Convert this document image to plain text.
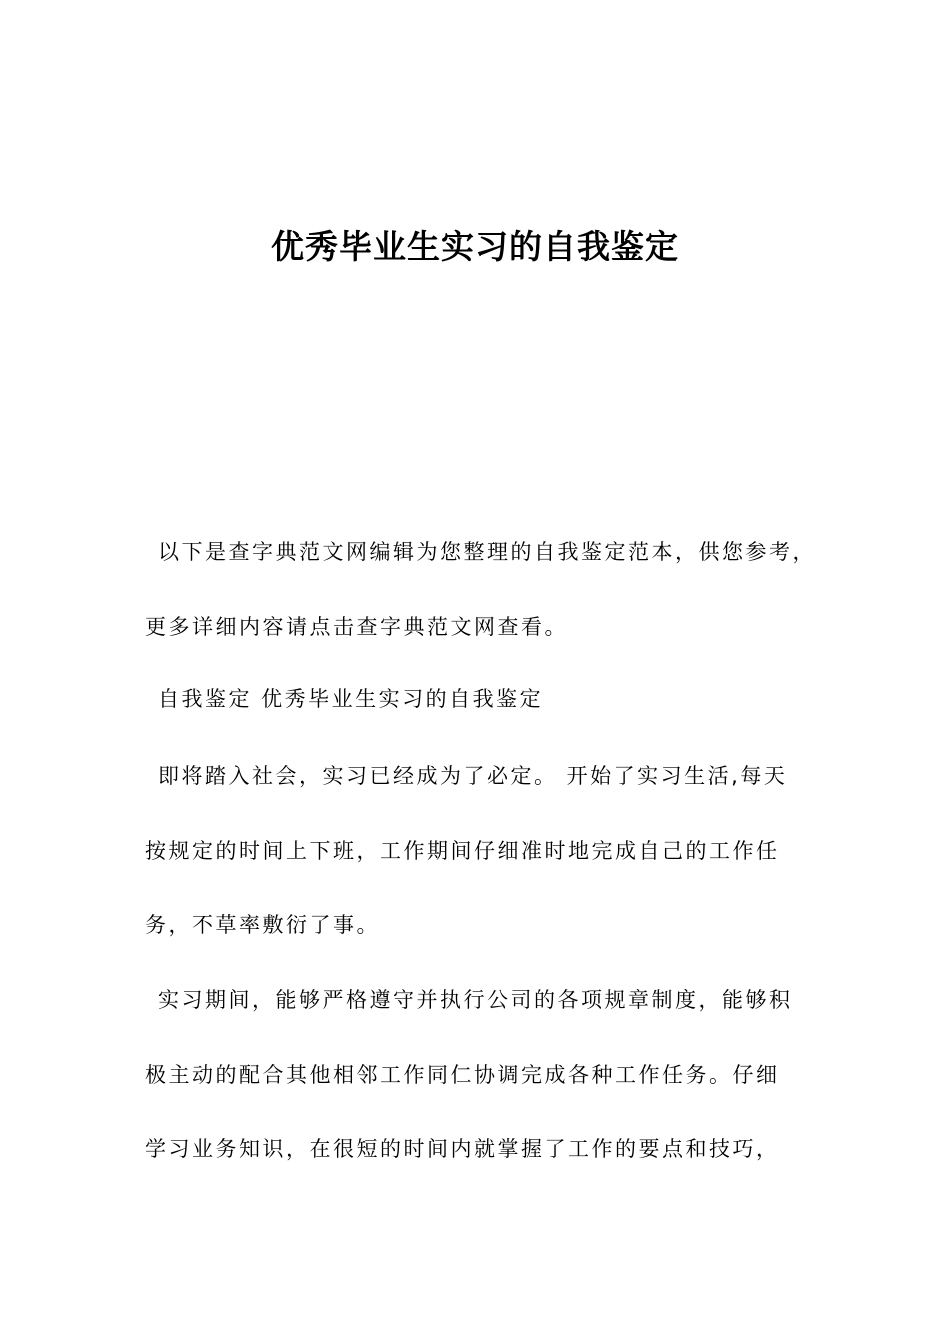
优秀毕业生实习的自我鉴定
以下是查字典范文网编辑为您整理的自我鉴定范本，供您参考，
更多详细内容请点击查字典范文网查看。
自我鉴定 优秀毕业生实习的自我鉴定
即将踏入社会，实习已经成为了必定。 开始了实习生活,每天
按规定的时间上下班，工作期间仔细准时地完成自己的工作任
务，不草率敷衍了事。
实习期间，能够严格遵守并执行公司的各项规章制度，能够积
极主动的配合其他相邻工作同仁协调完成各种工作任务。仔细
学习业务知识，在很短的时间内就掌握了工作的要点和技巧，
